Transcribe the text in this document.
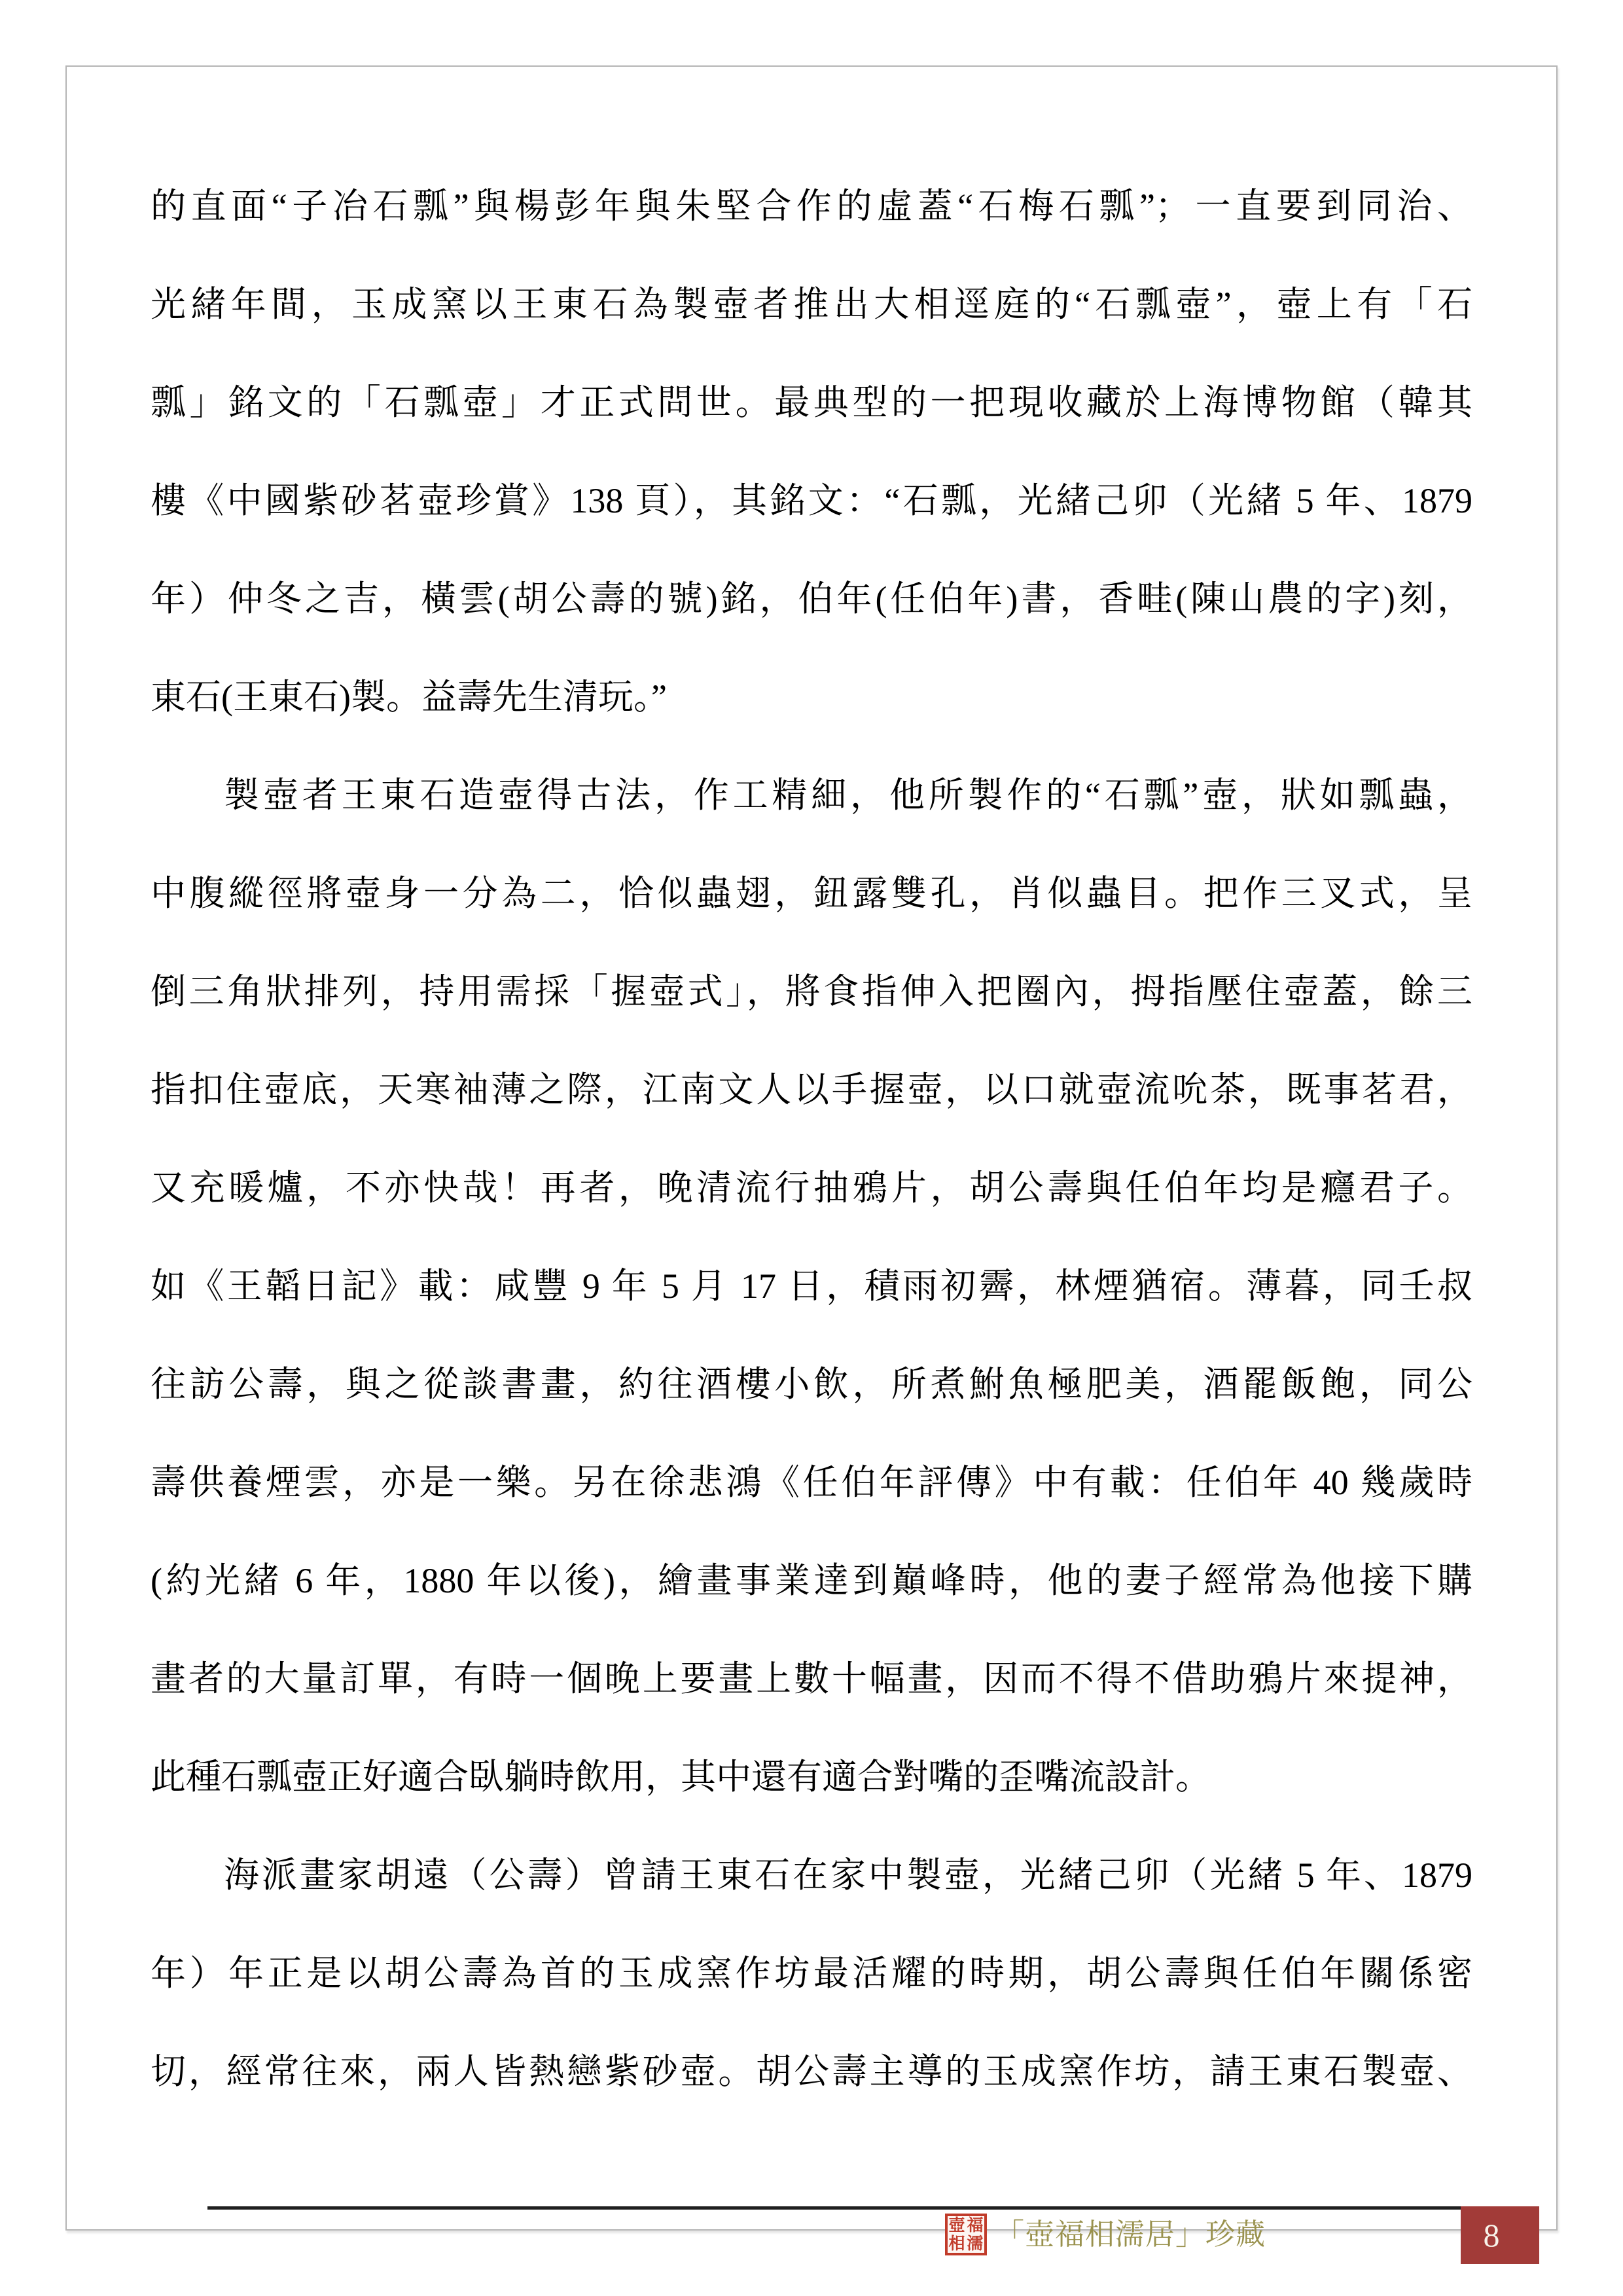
的直面“子冶石瓢”與楊彭年與朱堅合作的虛蓋“石梅石瓢”；一直要到同治、
光緒年間，玉成窯以王東石為製壺者推出大相逕庭的“石瓢壺”，壺上有「石
瓢」銘文的「石瓢壺」才正式問世。最典型的一把現收藏於上海博物館（韓其
樓《中國紫砂茗壺珍賞》138 頁），其銘文：“石瓢，光緒己卯（光緒 5 年、1879
年）仲冬之吉，橫雲(胡公壽的號)銘，伯年(任伯年)書，香畦(陳山農的字)刻，
東石(王東石)製。益壽先生清玩。”
製壺者王東石造壺得古法，作工精細，他所製作的“石瓢”壺，狀如瓢蟲，
中腹縱徑將壺身一分為二，恰似蟲翅，鈕露雙孔，肖似蟲目。把作三叉式，呈
倒三角狀排列，持用需採「握壺式」，將食指伸入把圈內，拇指壓住壺蓋，餘三
指扣住壺底，天寒袖薄之際，江南文人以手握壺，以口就壺流吮茶，既事茗君，
又充暖爐，不亦快哉！再者，晚清流行抽鴉片，胡公壽與任伯年均是癮君子。
如《王韜日記》載：咸豐 9 年 5 月 17 日，積雨初霽，林煙猶宿。薄暮，同壬叔
往訪公壽，與之從談書畫，約往酒樓小飲，所煮鮒魚極肥美，酒罷飯飽，同公
壽供養煙雲，亦是一樂。另在徐悲鴻《任伯年評傳》中有載：任伯年 40 幾歲時
(約光緒 6 年，1880 年以後)，繪畫事業達到巔峰時，他的妻子經常為他接下購
畫者的大量訂單，有時一個晚上要畫上數十幅畫，因而不得不借助鴉片來提神，
此種石瓢壺正好適合臥躺時飲用，其中還有適合對嘴的歪嘴流設計。
海派畫家胡遠（公壽）曾請王東石在家中製壺，光緒己卯（光緒 5 年、1879
年）年正是以胡公壽為首的玉成窯作坊最活耀的時期，胡公壽與任伯年關係密
切，經常往來，兩人皆熱戀紫砂壺。胡公壽主導的玉成窯作坊，請王東石製壺、
壺 福
相 濡 「壺福相濡居」珍藏	8
